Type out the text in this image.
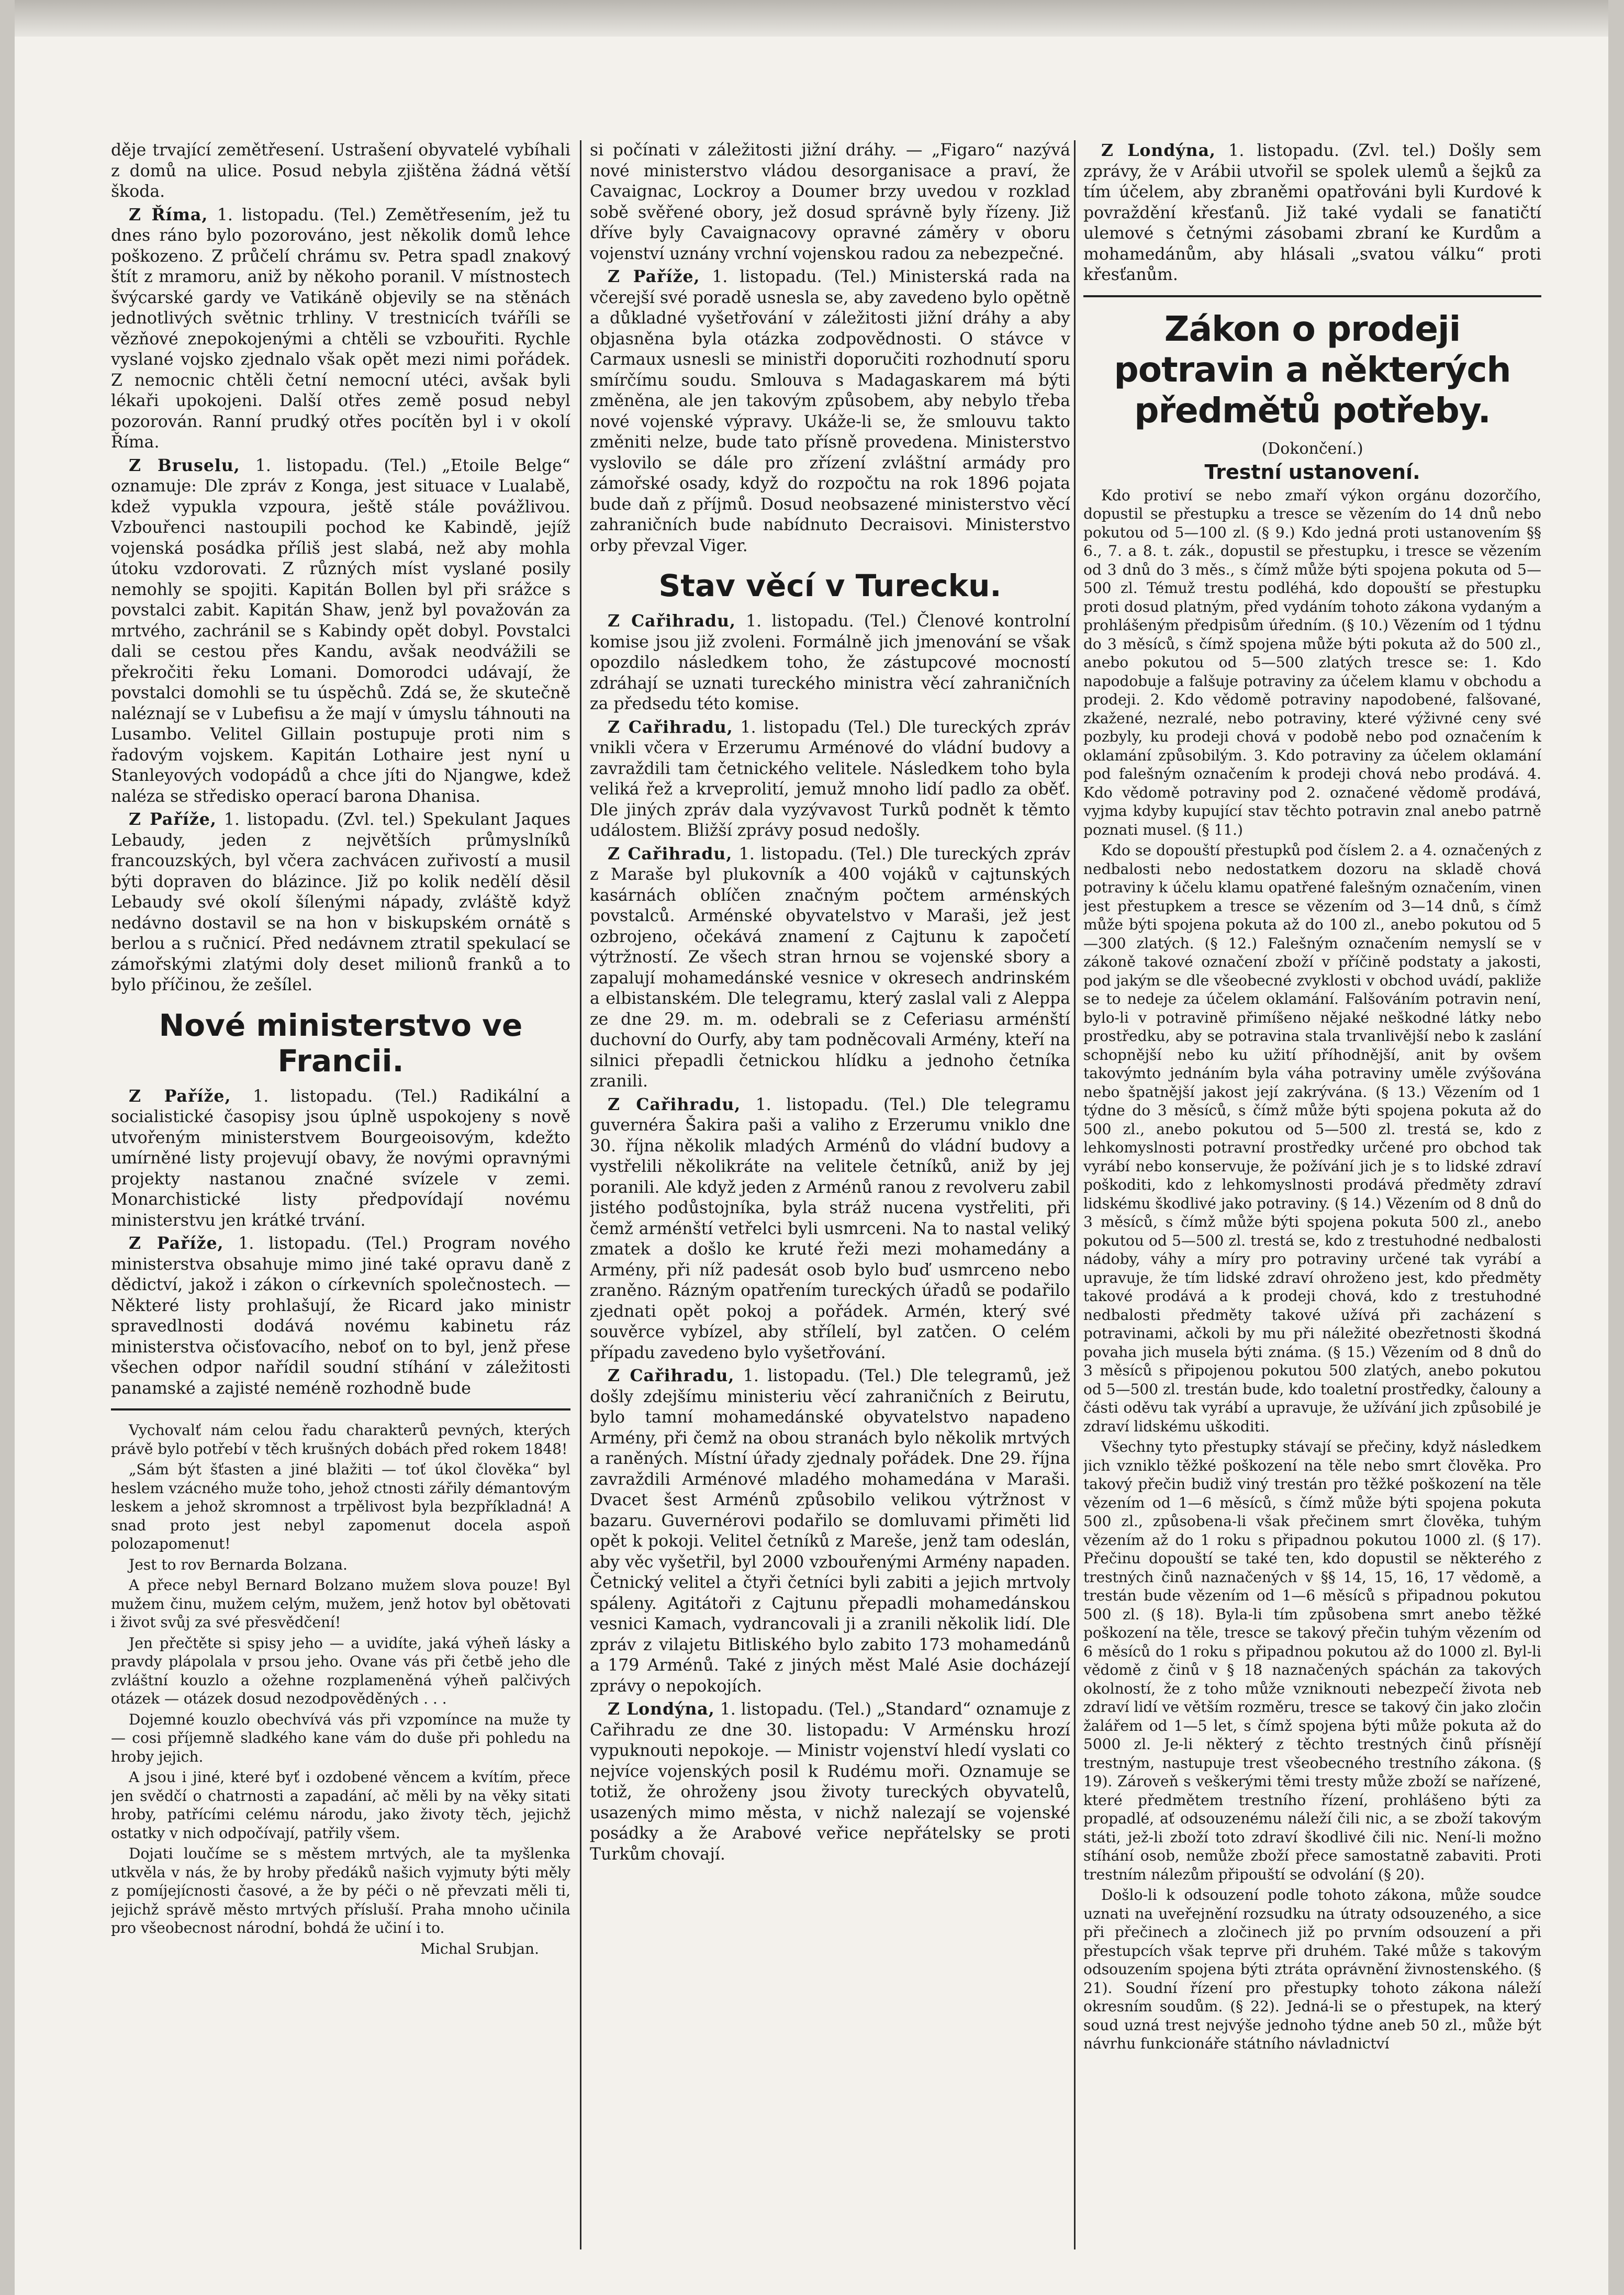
děje trvající zemětřesení. Ustrašení obyvatelé vybíhali z domů na ulice. Posud nebyla zjištěna žádná větší škoda.

Z Říma, 1. listopadu. (Tel.) Zemětřesením, jež tu dnes ráno bylo pozorováno, jest několik domů lehce poškozeno. Z průčelí chrámu sv. Petra spadl znakový štít z mramoru, aniž by někoho poranil. V místnostech švýcarské gardy ve Vatikáně objevily se na stěnách jednotlivých světnic trhliny. V trestnicích tváříli se vězňové znepokojenými a chtěli se vzbouřiti. Rychle vyslané vojsko zjednalo však opět mezi nimi pořádek. Z nemocnic chtěli četní nemocní utéci, avšak byli lékaři upokojeni. Další otřes země posud nebyl pozorován. Ranní prudký otřes pocítěn byl i v okolí Říma.

Z Bruselu, 1. listopadu. (Tel.) „Etoile Belge“ oznamuje: Dle zpráv z Konga, jest situace v Lualabě, kdež vypukla vzpoura, ještě stále povážlivou. Vzbouřenci nastoupili pochod ke Kabindě, jejíž vojenská posádka příliš jest slabá, než aby mohla útoku vzdorovati. Z různých míst vyslané posily nemohly se spojiti. Kapitán Bollen byl při srážce s povstalci zabit. Kapitán Shaw, jenž byl považován za mrtvého, zachránil se s Kabindy opět dobyl. Povstalci dali se cestou přes Kandu, avšak neodvážili se překročiti řeku Lomani. Domorodci udávají, že povstalci domohli se tu úspěchů. Zdá se, že skutečně naléznají se v Lubefisu a že mají v úmyslu táhnouti na Lusambo. Velitel Gillain postupuje proti nim s řadovým vojskem. Kapitán Lothaire jest nyní u Stanleyových vodopádů a chce jíti do Njangwe, kdež naléza se středisko operací barona Dhanisa.

Z Paříže, 1. listopadu. (Zvl. tel.) Spekulant Jaques Lebaudy, jeden z největších průmyslníků francouzských, byl včera zachvácen zuřivostí a musil býti dopraven do blázince. Již po kolik nedělí děsil Lebaudy své okolí šílenými nápady, zvláště když nedávno dostavil se na hon v biskupském ornátě s berlou a s ručnicí. Před nedávnem ztratil spekulací se zámořskými zlatými doly deset milionů franků a to bylo příčinou, že zešílel.

Nové ministerstvo ve Francii.

Z Paříže, 1. listopadu. (Tel.) Radikální a socialistické časopisy jsou úplně uspokojeny s nově utvořeným ministerstvem Bourgeoisovým, kdežto umírněné listy projevují obavy, že novými opravnými projekty nastanou značné svízele v zemi. Monarchistické listy předpovídají novému ministerstvu jen krátké trvání.

Z Paříže, 1. listopadu. (Tel.) Program nového ministerstva obsahuje mimo jiné také opravu daně z dědictví, jakož i zákon o církevních společnostech. — Některé listy prohlašují, že Ricard jako ministr spravedlnosti dodává novému kabinetu ráz ministerstva očisťovacího, neboť on to byl, jenž přese všechen odpor nařídil soudní stíhání v záležitosti panamské a zajisté neméně rozhodně bude

Vychovalť nám celou řadu charakterů pevných, kterých právě bylo potřebí v těch krušných dobách před rokem 1848!

„Sám být šťasten a jiné blažiti — toť úkol člověka“ byl heslem vzácného muže toho, jehož ctnosti zářily démantovým leskem a jehož skromnost a trpělivost byla bezpříkladná! A snad proto jest nebyl zapomenut docela aspoň polozapomenut!

Jest to rov Bernarda Bolzana.

A přece nebyl Bernard Bolzano mužem slova pouze! Byl mužem činu, mužem celým, mužem, jenž hotov byl obětovati i život svůj za své přesvědčení!

Jen přečtěte si spisy jeho — a uvidíte, jaká výheň lásky a pravdy plápolala v prsou jeho. Ovane vás při četbě jeho dle zvláštní kouzlo a ožehne rozplameněná výheň palčivých otázek — otázek dosud nezodpověděných . . .

Dojemné kouzlo obechvívá vás při vzpomínce na muže ty — cosi příjemně sladkého kane vám do duše při pohledu na hroby jejich.

A jsou i jiné, které byť i ozdobené věncem a kvítím, přece jen svědčí o chatrnosti a zapadání, ač měli by na věky sitati hroby, patřícími celému národu, jako životy těch, jejichž ostatky v nich odpočívají, patřily všem.

Dojati loučíme se s městem mrtvých, ale ta myšlenka utkvěla v nás, že by hroby předáků našich vyjmuty býti měly z pomíjejícnosti časové, a že by péči o ně převzati měli ti, jejichž správě město mrtvých přísluší. Praha mnoho učinila pro všeobecnost národní, bohdá že učiní i to.

Michal Srubjan.

si počínati v záležitosti jižní dráhy. — „Figaro“ nazývá nové ministerstvo vládou desorganisace a praví, že Cavaignac, Lockroy a Doumer brzy uvedou v rozklad sobě svěřené obory, jež dosud správně byly řízeny. Již dříve byly Cavaignacovy opravné záměry v oboru vojenství uznány vrchní vojenskou radou za nebezpečné.

Z Paříže, 1. listopadu. (Tel.) Ministerská rada na včerejší své poradě usnesla se, aby zavedeno bylo opětně a důkladné vyšetřování v záležitosti jižní dráhy a aby objasněna byla otázka zodpovědnosti. O stávce v Carmaux usnesli se ministři doporučiti rozhodnutí sporu smírčímu soudu. Smlouva s Madagaskarem má býti změněna, ale jen takovým způsobem, aby nebylo třeba nové vojenské výpravy. Ukáže-li se, že smlouvu takto změniti nelze, bude tato přísně provedena. Ministerstvo vyslovilo se dále pro zřízení zvláštní armády pro zámořské osady, když do rozpočtu na rok 1896 pojata bude daň z příjmů. Dosud neobsazené ministerstvo věcí zahraničních bude nabídnuto Decraisovi. Ministerstvo orby převzal Viger.

Stav věcí v Turecku.

Z Cařihradu, 1. listopadu. (Tel.) Členové kontrolní komise jsou již zvoleni. Formálně jich jmenování se však opozdilo následkem toho, že zástupcové mocností zdráhají se uznati tureckého ministra věcí zahraničních za předsedu této komise.

Z Cařihradu, 1. listopadu (Tel.) Dle tureckých zpráv vnikli včera v Erzerumu Arménové do vládní budovy a zavraždili tam četnického velitele. Následkem toho byla veliká řež a krveprolití, jemuž mnoho lidí padlo za oběť. Dle jiných zpráv dala vyzývavost Turků podnět k těmto událostem. Bližší zprávy posud nedošly.

Z Cařihradu, 1. listopadu. (Tel.) Dle tureckých zpráv z Maraše byl plukovník a 400 vojáků v cajtunských kasárnách oblíčen značným počtem arménských povstalců. Arménské obyvatelstvo v Maraši, jež jest ozbrojeno, očekává znamení z Cajtunu k započetí výtržností. Ze všech stran hrnou se vojenské sbory a zapalují mohamedánské vesnice v okresech andrinském a elbistanském. Dle telegramu, který zaslal vali z Aleppa ze dne 29. m. m. odebrali se z Ceferiasu arménští duchovní do Ourfy, aby tam podněcovali Armény, kteří na silnici přepadli četnickou hlídku a jednoho četníka zranili.

Z Cařihradu, 1. listopadu. (Tel.) Dle telegramu guvernéra Šakira paši a valiho z Erzerumu vniklo dne 30. října několik mladých Arménů do vládní budovy a vystřelili několikráte na velitele četníků, aniž by jej poranili. Ale když jeden z Arménů ranou z revolveru zabil jistého podůstojníka, byla stráž nucena vystřeliti, při čemž arménští vetřelci byli usmrceni. Na to nastal veliký zmatek a došlo ke kruté řeži mezi mohamedány a Armény, při níž padesát osob bylo buď usmrceno nebo zraněno. Rázným opatřením tureckých úřadů se podařilo zjednati opět pokoj a pořádek. Armén, který své souvěrce vybízel, aby střílelí, byl zatčen. O celém případu zavedeno bylo vyšetřování.

Z Cařihradu, 1. listopadu. (Tel.) Dle telegramů, jež došly zdejšímu ministeriu věcí zahraničních z Beirutu, bylo tamní mohamedánské obyvatelstvo napadeno Armény, při čemž na obou stranách bylo několik mrtvých a raněných. Místní úřady zjednaly pořádek. Dne 29. října zavraždili Arménové mladého mohamedána v Maraši. Dvacet šest Arménů způsobilo velikou výtržnost v bazaru. Guvernérovi podařilo se domluvami přiměti lid opět k pokoji. Velitel četníků z Mareše, jenž tam odeslán, aby věc vyšetřil, byl 2000 vzbouřenými Armény napaden. Četnický velitel a čtyři četníci byli zabiti a jejich mrtvoly spáleny. Agitátoři z Cajtunu přepadli mohamedánskou vesnici Kamach, vydrancovali ji a zranili několik lidí. Dle zpráv z vilajetu Bitliského bylo zabito 173 mohamedánů a 179 Arménů. Také z jiných měst Malé Asie docházejí zprávy o nepokojích.

Z Londýna, 1. listopadu. (Tel.) „Standard“ oznamuje z Cařihradu ze dne 30. listopadu: V Arménsku hrozí vypuknouti nepokoje. — Ministr vojenství hledí vyslati co nejvíce vojenských posil k Rudému moři. Oznamuje se totiž, že ohroženy jsou životy tureckých obyvatelů, usazených mimo města, v nichž nalezají se vojenské posádky a že Arabové veřice nepřátelsky se proti Turkům chovají.

Z Londýna, 1. listopadu. (Zvl. tel.) Došly sem zprávy, že v Arábii utvořil se spolek ulemů a šejků za tím účelem, aby zbraněmi opatřováni byli Kurdové k povraždění křesťanů. Již také vydali se fanatičtí ulemové s četnými zásobami zbraní ke Kurdům a mohamedánům, aby hlásali „svatou válku“ proti křesťanům.

Zákon o prodeji potravin a některých předmětů potřeby.
(Dokončení.)
Trestní ustanovení.

Kdo protiví se nebo zmaří výkon orgánu dozorčího, dopustil se přestupku a tresce se vězením do 14 dnů nebo pokutou od 5—100 zl. (§ 9.) Kdo jedná proti ustanovením §§ 6., 7. a 8. t. zák., dopustil se přestupku, i tresce se vězením od 3 dnů do 3 měs., s čímž může býti spojena pokuta od 5—500 zl. Témuž trestu podléhá, kdo dopouští se přestupku proti dosud platným, před vydáním tohoto zákona vydaným a prohlášeným předpisům úředním. (§ 10.) Vězením od 1 týdnu do 3 měsíců, s čímž spojena může býti pokuta až do 500 zl., anebo pokutou od 5—500 zlatých tresce se: 1. Kdo napodobuje a falšuje potraviny za účelem klamu v obchodu a prodeji. 2. Kdo vědomě potraviny napodobené, falšované, zkažené, nezralé, nebo potraviny, které výživné ceny své pozbyly, ku prodeji chová v podobě nebo pod označením k oklamání způsobilým. 3. Kdo potraviny za účelem oklamání pod falešným označením k prodeji chová nebo prodává. 4. Kdo vědomě potraviny pod 2. označené vědomě prodává, vyjma kdyby kupující stav těchto potravin znal anebo patrně poznati musel. (§ 11.)

Kdo se dopouští přestupků pod číslem 2. a 4. označených z nedbalosti nebo nedostatkem dozoru na skladě chová potraviny k účelu klamu opatřené falešným označením, vinen jest přestupkem a tresce se vězením od 3—14 dnů, s čímž může býti spojena pokuta až do 100 zl., anebo pokutou od 5—300 zlatých. (§ 12.) Falešným označením nemyslí se v zákoně takové označení zboží v příčině podstaty a jakosti, pod jakým se dle všeobecné zvyklosti v obchod uvádí, pakliže se to nedeje za účelem oklamání. Falšováním potravin není, bylo-li v potravině přimíšeno nějaké neškodné látky nebo prostředku, aby se potravina stala trvanlivější nebo k zaslání schopnější nebo ku užití příhodnější, anit by ovšem takovýmto jednáním byla váha potraviny uměle zvýšována nebo špatnější jakost její zakrývána. (§ 13.) Vězením od 1 týdne do 3 měsíců, s čímž může býti spojena pokuta až do 500 zl., anebo pokutou od 5—500 zl. trestá se, kdo z lehkomyslnosti potravní prostředky určené pro obchod tak vyrábí nebo konservuje, že požívání jich je s to lidské zdraví poškoditi, kdo z lehkomyslnosti prodává předměty zdraví lidskému škodlivé jako potraviny. (§ 14.) Vězením od 8 dnů do 3 měsíců, s čímž může býti spojena pokuta 500 zl., anebo pokutou od 5—500 zl. trestá se, kdo z trestuhodné nedbalosti nádoby, váhy a míry pro potraviny určené tak vyrábí a upravuje, že tím lidské zdraví ohroženo jest, kdo předměty takové prodává a k prodeji chová, kdo z trestuhodné nedbalosti předměty takové užívá při zacházení s potravinami, ačkoli by mu při náležité obezřetnosti škodná povaha jich musela býti známa. (§ 15.) Vězením od 8 dnů do 3 měsíců s připojenou pokutou 500 zlatých, anebo pokutou od 5—500 zl. trestán bude, kdo toaletní prostředky, čalouny a části oděvu tak vyrábí a upravuje, že užívání jich způsobilé je zdraví lidskému uškoditi.

Všechny tyto přestupky stávají se přečiny, když následkem jich vzniklo těžké poškození na těle nebo smrt člověka. Pro takový přečin budiž viný trestán pro těžké poškození na těle vězením od 1—6 měsíců, s čímž může býti spojena pokuta 500 zl., způsobena-li však přečinem smrt člověka, tuhým vězením až do 1 roku s připadnou pokutou 1000 zl. (§ 17). Přečinu dopouští se také ten, kdo dopustil se některého z trestných činů naznačených v §§ 14, 15, 16, 17 vědomě, a trestán bude vězením od 1—6 měsíců s připadnou pokutou 500 zl. (§ 18). Byla-li tím způsobena smrt anebo těžké poškození na těle, tresce se takový přečin tuhým vězením od 6 měsíců do 1 roku s připadnou pokutou až do 1000 zl. Byl-li vědomě z činů v § 18 naznačených spáchán za takových okolností, že z toho může vzniknouti nebezpečí života neb zdraví lidí ve větším rozměru, tresce se takový čin jako zločin žalářem od 1—5 let, s čímž spojena býti může pokuta až do 5000 zl. Je-li některý z těchto trestných činů přísnějí trestným, nastupuje trest všeobecného trestního zákona. (§ 19). Zároveň s veškerými těmi tresty může zboží se nařízené, které předmětem trestního řízení, prohlášeno býti za propadlé, ať odsouzenému náleží čili nic, a se zboží takovým státi, jež-li zboží toto zdraví škodlivé čili nic. Není-li možno stíhání osob, nemůže zboží přece samostatně zabaviti. Proti trestním nálezům připouští se odvolání (§ 20).

Došlo-li k odsouzení podle tohoto zákona, může soudce uznati na uveřejnění rozsudku na útraty odsouzeného, a sice při přečinech a zločinech již po prvním odsouzení a při přestupcích však teprve při druhém. Také může s takovým odsouzením spojena býti ztráta oprávnění živnostenského. (§ 21). Soudní řízení pro přestupky tohoto zákona náleží okresním soudům. (§ 22). Jedná-li se o přestupek, na který soud uzná trest nejvýše jednoho týdne aneb 50 zl., může být návrhu funkcionáře státního návladnictví
